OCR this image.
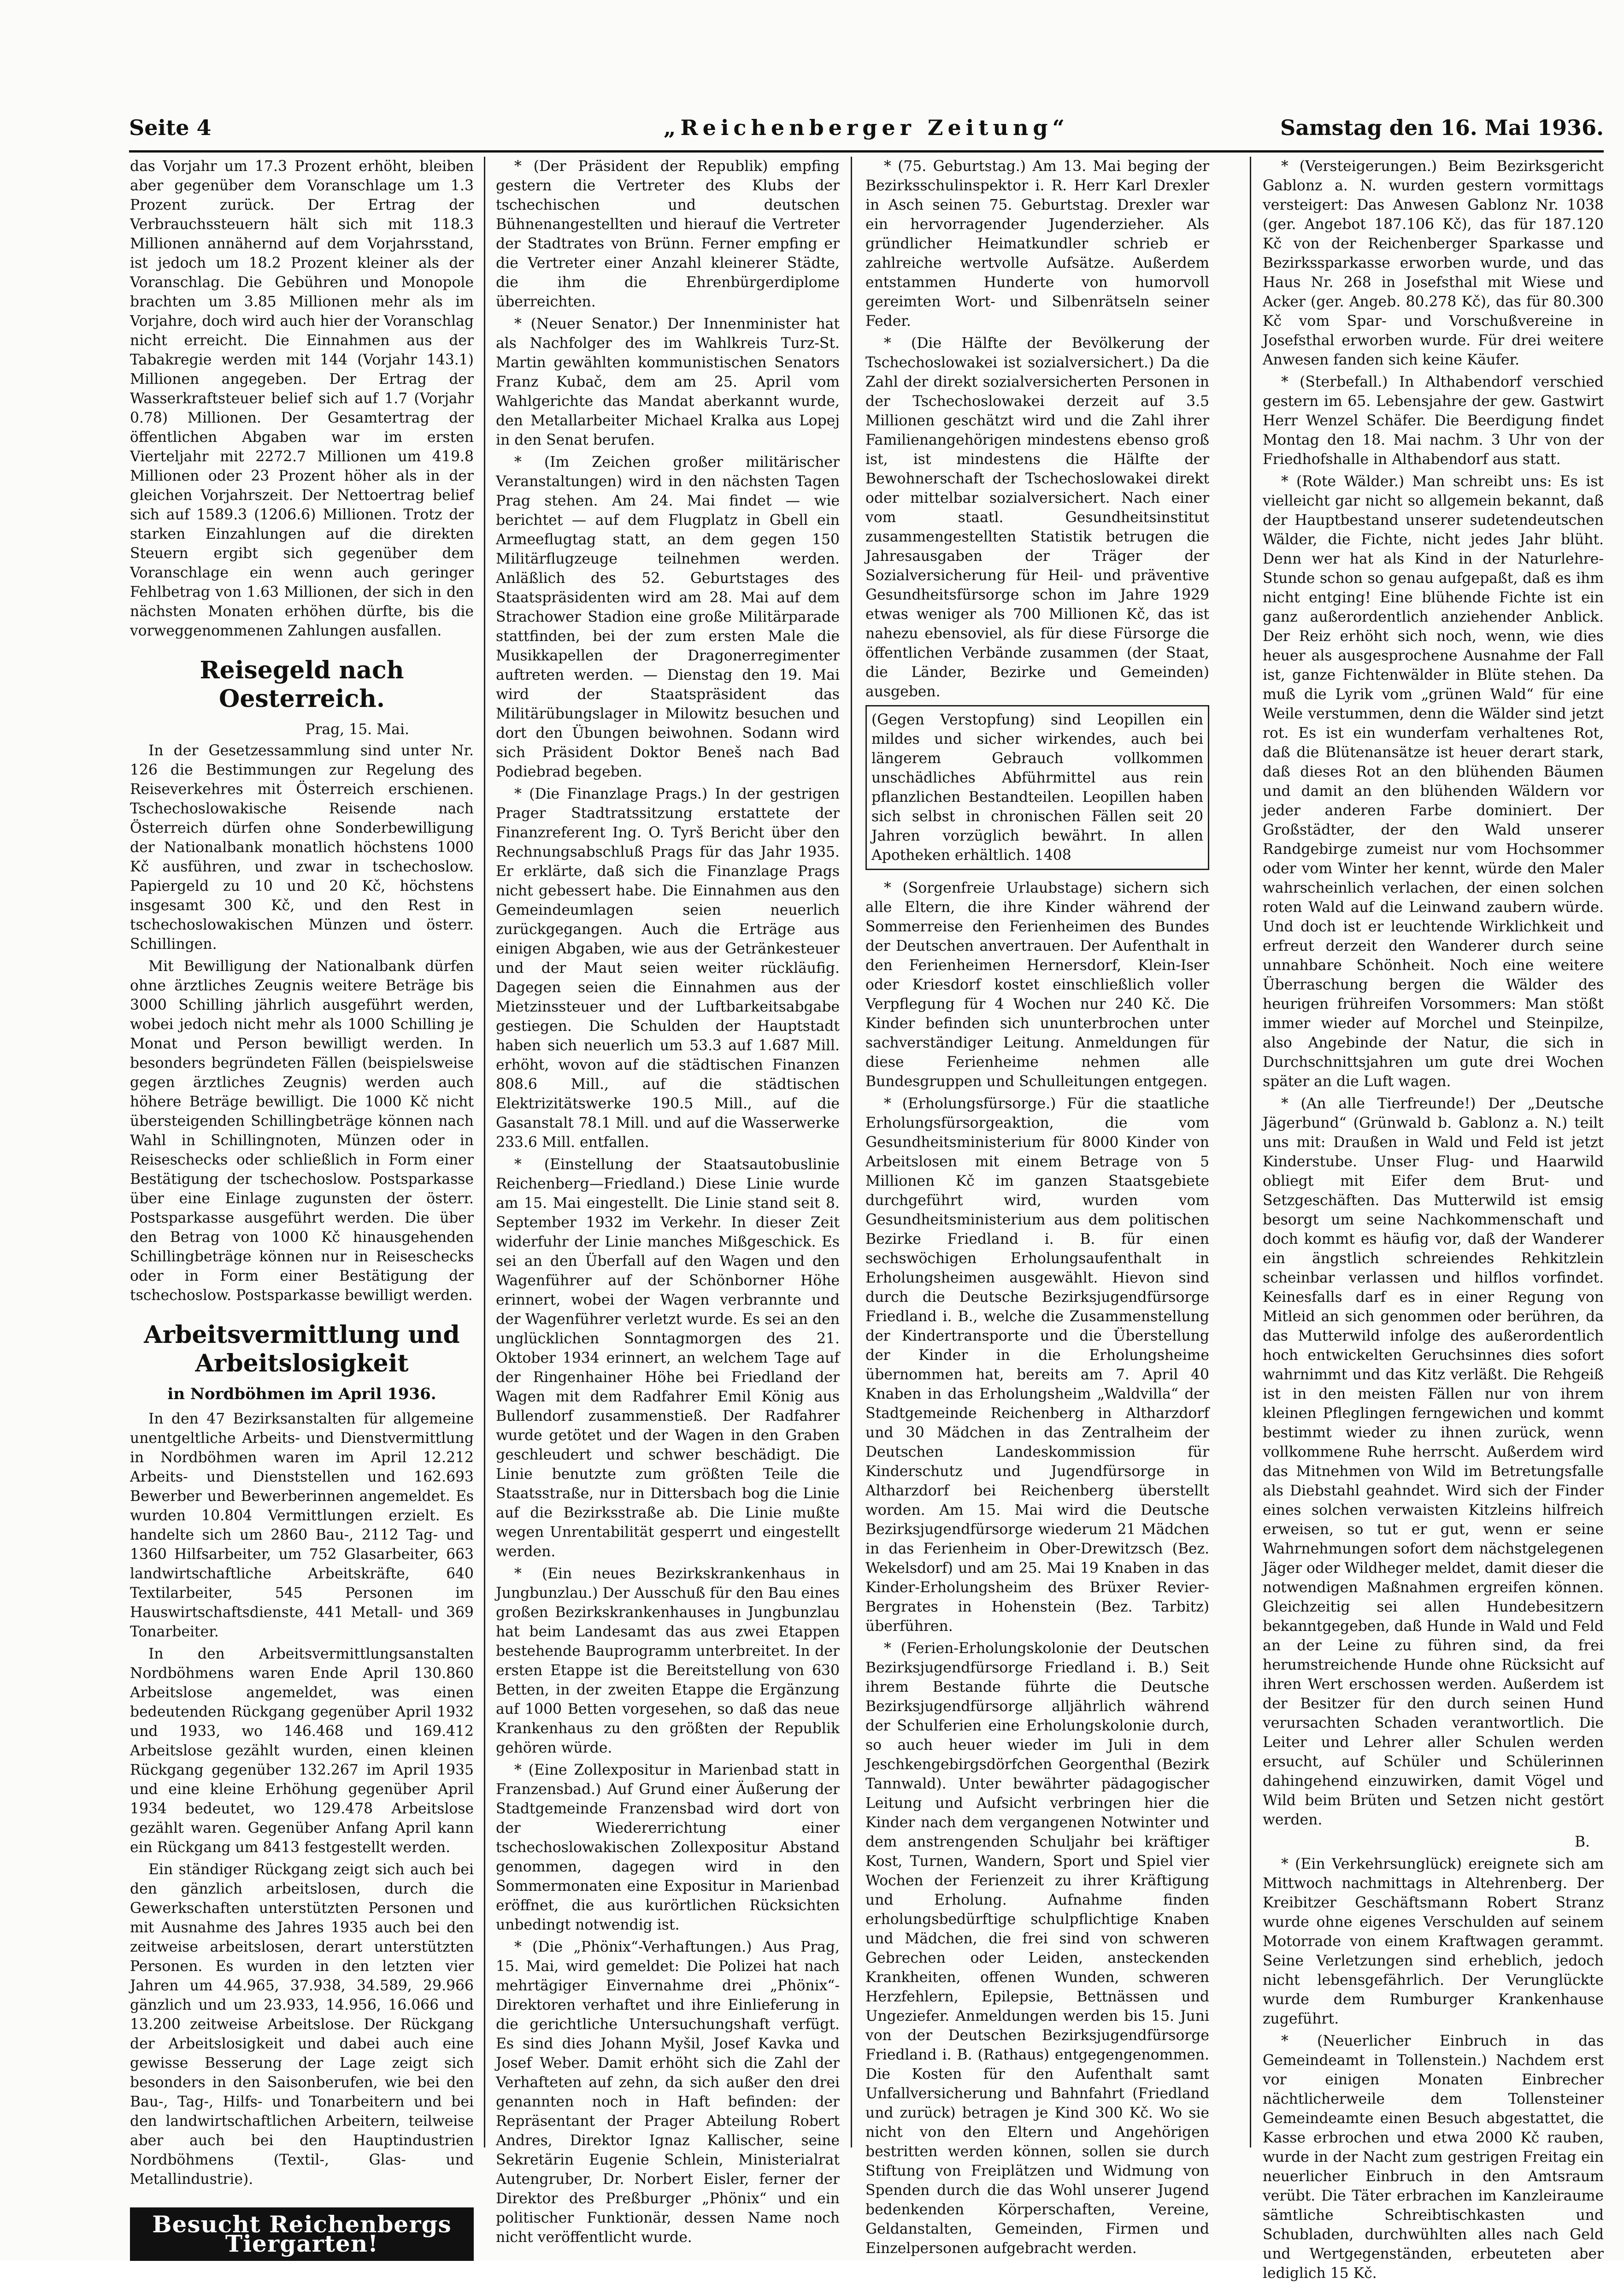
Seite 4	„Reichenberger Zeitung“	Samstag den 16. Mai 1936.

das Vorjahr um 17.3 Prozent erhöht, bleiben aber gegenüber dem Voranschlage um 1.3 Prozent zurück. Der Ertrag der Verbrauchssteuern hält sich mit 118.3 Millionen annähernd auf dem Vorjahrsstand, ist jedoch um 18.2 Prozent kleiner als der Voranschlag. Die Gebühren und Monopole brachten um 3.85 Millionen mehr als im Vorjahre, doch wird auch hier der Voranschlag nicht erreicht. Die Einnahmen aus der Tabakregie werden mit 144 (Vorjahr 143.1) Millionen angegeben. Der Ertrag der Wasserkraftsteuer belief sich auf 1.7 (Vorjahr 0.78) Millionen. Der Gesamtertrag der öffentlichen Abgaben war im ersten Vierteljahr mit 2272.7 Millionen um 419.8 Millionen oder 23 Prozent höher als in der gleichen Vorjahrszeit. Der Nettoertrag belief sich auf 1589.3 (1206.6) Millionen. Trotz der starken Einzahlungen auf die direkten Steuern ergibt sich gegenüber dem Voranschlage ein wenn auch geringer Fehlbetrag von 1.63 Millionen, der sich in den nächsten Monaten erhöhen dürfte, bis die vorweggenommenen Zahlungen ausfallen.

Reisegeld nach Oesterreich.

Prag, 15. Mai.

In der Gesetzessammlung sind unter Nr. 126 die Bestimmungen zur Regelung des Reiseverkehres mit Österreich erschienen. Tschechoslowakische Reisende nach Österreich dürfen ohne Sonderbewilligung der Nationalbank monatlich höchstens 1000 Kč ausführen, und zwar in tschechoslow. Papiergeld zu 10 und 20 Kč, höchstens insgesamt 300 Kč, und den Rest in tschechoslowakischen Münzen und österr. Schillingen.

Mit Bewilligung der Nationalbank dürfen ohne ärztliches Zeugnis weitere Beträge bis 3000 Schilling jährlich ausgeführt werden, wobei jedoch nicht mehr als 1000 Schilling je Monat und Person bewilligt werden. In besonders begründeten Fällen (beispielsweise gegen ärztliches Zeugnis) werden auch höhere Beträge bewilligt. Die 1000 Kč nicht übersteigenden Schillingbeträge können nach Wahl in Schillingnoten, Münzen oder in Reiseschecks oder schließlich in Form einer Bestätigung der tschechoslow. Postsparkasse über eine Einlage zugunsten der österr. Postsparkasse ausgeführt werden. Die über den Betrag von 1000 Kč hinausgehenden Schillingbeträge können nur in Reiseschecks oder in Form einer Bestätigung der tschechoslow. Postsparkasse bewilligt werden.

Arbeitsvermittlung und Arbeitslosigkeit
in Nordböhmen im April 1936.

In den 47 Bezirksanstalten für allgemeine unentgeltliche Arbeits- und Dienstvermittlung in Nordböhmen waren im April 12.212 Arbeits- und Dienststellen und 162.693 Bewerber und Bewerberinnen angemeldet. Es wurden 10.804 Vermittlungen erzielt. Es handelte sich um 2860 Bau-, 2112 Tag- und 1360 Hilfsarbeiter, um 752 Glasarbeiter, 663 landwirtschaftliche Arbeitskräfte, 640 Textilarbeiter, 545 Personen im Hauswirtschaftsdienste, 441 Metall- und 369 Tonarbeiter.

In den Arbeitsvermittlungsanstalten Nordböhmens waren Ende April 130.860 Arbeitslose angemeldet, was einen bedeutenden Rückgang gegenüber April 1932 und 1933, wo 146.468 und 169.412 Arbeitslose gezählt wurden, einen kleinen Rückgang gegenüber 132.267 im April 1935 und eine kleine Erhöhung gegenüber April 1934 bedeutet, wo 129.478 Arbeitslose gezählt waren. Gegenüber Anfang April kann ein Rückgang um 8413 festgestellt werden.

Ein ständiger Rückgang zeigt sich auch bei den gänzlich arbeitslosen, durch die Gewerkschaften unterstützten Personen und mit Ausnahme des Jahres 1935 auch bei den zeitweise arbeitslosen, derart unterstützten Personen. Es wurden in den letzten vier Jahren um 44.965, 37.938, 34.589, 29.966 gänzlich und um 23.933, 14.956, 16.066 und 13.200 zeitweise Arbeitslose. Der Rückgang der Arbeitslosigkeit und dabei auch eine gewisse Besserung der Lage zeigt sich besonders in den Saisonberufen, wie bei den Bau-, Tag-, Hilfs- und Tonarbeitern und bei den landwirtschaftlichen Arbeitern, teilweise aber auch bei den Hauptindustrien Nordböhmens (Textil-, Glas- und Metallindustrie).

Besucht Reichenbergs Tiergarten!

* (Der Präsident der Republik) empfing gestern die Vertreter des Klubs der tschechischen und deutschen Bühnenangestellten und hierauf die Vertreter der Stadtrates von Brünn. Ferner empfing er die Vertreter einer Anzahl kleinerer Städte, die ihm die Ehrenbürgerdiplome überreichten.

* (Neuer Senator.) Der Innenminister hat als Nachfolger des im Wahlkreis Turz-St. Martin gewählten kommunistischen Senators Franz Kubač, dem am 25. April vom Wahlgerichte das Mandat aberkannt wurde, den Metallarbeiter Michael Kralka aus Lopej in den Senat berufen.

* (Im Zeichen großer militärischer Veranstaltungen) wird in den nächsten Tagen Prag stehen. Am 24. Mai findet — wie berichtet — auf dem Flugplatz in Gbell ein Armeeflugtag statt, an dem gegen 150 Militärflugzeuge teilnehmen werden. Anläßlich des 52. Geburtstages des Staatspräsidenten wird am 28. Mai auf dem Strachower Stadion eine große Militärparade stattfinden, bei der zum ersten Male die Musikkapellen der Dragonerregimenter auftreten werden. — Dienstag den 19. Mai wird der Staatspräsident das Militärübungslager in Milowitz besuchen und dort den Übungen beiwohnen. Sodann wird sich Präsident Doktor Beneš nach Bad Podiebrad begeben.

* (Die Finanzlage Prags.) In der gestrigen Prager Stadtratssitzung erstattete der Finanzreferent Ing. O. Tyrš Bericht über den Rechnungsabschluß Prags für das Jahr 1935. Er erklärte, daß sich die Finanzlage Prags nicht gebessert habe. Die Einnahmen aus den Gemeindeumlagen seien neuerlich zurückgegangen. Auch die Erträge aus einigen Abgaben, wie aus der Getränkesteuer und der Maut seien weiter rückläufig. Dagegen seien die Einnahmen aus der Mietzinssteuer und der Luftbarkeitsabgabe gestiegen. Die Schulden der Hauptstadt haben sich neuerlich um 53.3 auf 1.687 Mill. erhöht, wovon auf die städtischen Finanzen 808.6 Mill., auf die städtischen Elektrizitätswerke 190.5 Mill., auf die Gasanstalt 78.1 Mill. und auf die Wasserwerke 233.6 Mill. entfallen.

* (Einstellung der Staatsautobuslinie Reichenberg—Friedland.) Diese Linie wurde am 15. Mai eingestellt. Die Linie stand seit 8. September 1932 im Verkehr. In dieser Zeit widerfuhr der Linie manches Mißgeschick. Es sei an den Überfall auf den Wagen und den Wagenführer auf der Schönborner Höhe erinnert, wobei der Wagen verbrannte und der Wagenführer verletzt wurde. Es sei an den unglücklichen Sonntagmorgen des 21. Oktober 1934 erinnert, an welchem Tage auf der Ringenhainer Höhe bei Friedland der Wagen mit dem Radfahrer Emil König aus Bullendorf zusammenstieß. Der Radfahrer wurde getötet und der Wagen in den Graben geschleudert und schwer beschädigt. Die Linie benutzte zum größten Teile die Staatsstraße, nur in Dittersbach bog die Linie auf die Bezirksstraße ab. Die Linie mußte wegen Unrentabilität gesperrt und eingestellt werden.

* (Ein neues Bezirkskrankenhaus in Jungbunzlau.) Der Ausschuß für den Bau eines großen Bezirkskrankenhauses in Jungbunzlau hat beim Landesamt das aus zwei Etappen bestehende Bauprogramm unterbreitet. In der ersten Etappe ist die Bereitstellung von 630 Betten, in der zweiten Etappe die Ergänzung auf 1000 Betten vorgesehen, so daß das neue Krankenhaus zu den größten der Republik gehören würde.

* (Eine Zollexpositur in Marienbad statt in Franzensbad.) Auf Grund einer Äußerung der Stadtgemeinde Franzensbad wird dort von der Wiedererrichtung einer tschechoslowakischen Zollexpositur Abstand genommen, dagegen wird in den Sommermonaten eine Expositur in Marienbad eröffnet, die aus kurörtlichen Rücksichten unbedingt notwendig ist.

* (Die „Phönix“-Verhaftungen.) Aus Prag, 15. Mai, wird gemeldet: Die Polizei hat nach mehrtägiger Einvernahme drei „Phönix“-Direktoren verhaftet und ihre Einlieferung in die gerichtliche Untersuchungshaft verfügt. Es sind dies Johann Myšil, Josef Kavka und Josef Weber. Damit erhöht sich die Zahl der Verhafteten auf zehn, da sich außer den drei genannten noch in Haft befinden: der Repräsentant der Prager Abteilung Robert Andres, Direktor Ignaz Kallischer, seine Sekretärin Eugenie Schlein, Ministerialrat Autengruber, Dr. Norbert Eisler, ferner der Direktor des Preßburger „Phönix“ und ein politischer Funktionär, dessen Name noch nicht veröffentlicht wurde.

* (75. Geburtstag.) Am 13. Mai beging der Bezirksschulinspektor i. R. Herr Karl Drexler in Asch seinen 75. Geburtstag. Drexler war ein hervorragender Jugenderzieher. Als gründlicher Heimatkundler schrieb er zahlreiche wertvolle Aufsätze. Außerdem entstammen Hunderte von humorvoll gereimten Wort- und Silbenrätseln seiner Feder.

* (Die Hälfte der Bevölkerung der Tschechoslowakei ist sozialversichert.) Da die Zahl der direkt sozialversicherten Personen in der Tschechoslowakei derzeit auf 3.5 Millionen geschätzt wird und die Zahl ihrer Familienangehörigen mindestens ebenso groß ist, ist mindestens die Hälfte der Bewohnerschaft der Tschechoslowakei direkt oder mittelbar sozialversichert. Nach einer vom staatl. Gesundheitsinstitut zusammengestellten Statistik betrugen die Jahresausgaben der Träger der Sozialversicherung für Heil- und präventive Gesundheitsfürsorge schon im Jahre 1929 etwas weniger als 700 Millionen Kč, das ist nahezu ebensoviel, als für diese Fürsorge die öffentlichen Verbände zusammen (der Staat, die Länder, Bezirke und Gemeinden) ausgeben.

(Gegen Verstopfung) sind Leopillen ein mildes und sicher wirkendes, auch bei längerem Gebrauch vollkommen unschädliches Abführmittel aus rein pflanzlichen Bestandteilen. Leopillen haben sich selbst in chronischen Fällen seit 20 Jahren vorzüglich bewährt. In allen Apotheken erhältlich. 1408

* (Sorgenfreie Urlaubstage) sichern sich alle Eltern, die ihre Kinder während der Sommerreise den Ferienheimen des Bundes der Deutschen anvertrauen. Der Aufenthalt in den Ferienheimen Hernersdorf, Klein-Iser oder Kriesdorf kostet einschließlich voller Verpflegung für 4 Wochen nur 240 Kč. Die Kinder befinden sich ununterbrochen unter sachverständiger Leitung. Anmeldungen für diese Ferienheime nehmen alle Bundesgruppen und Schulleitungen entgegen.

* (Erholungsfürsorge.) Für die staatliche Erholungsfürsorgeaktion, die vom Gesundheitsministerium für 8000 Kinder von Arbeitslosen mit einem Betrage von 5 Millionen Kč im ganzen Staatsgebiete durchgeführt wird, wurden vom Gesundheitsministerium aus dem politischen Bezirke Friedland i. B. für einen sechswöchigen Erholungsaufenthalt in Erholungsheimen ausgewählt. Hievon sind durch die Deutsche Bezirksjugendfürsorge Friedland i. B., welche die Zusammenstellung der Kindertransporte und die Überstellung der Kinder in die Erholungsheime übernommen hat, bereits am 7. April 40 Knaben in das Erholungsheim „Waldvilla“ der Stadtgemeinde Reichenberg in Altharzdorf und 30 Mädchen in das Zentralheim der Deutschen Landeskommission für Kinderschutz und Jugendfürsorge in Altharzdorf bei Reichenberg überstellt worden. Am 15. Mai wird die Deutsche Bezirksjugendfürsorge wiederum 21 Mädchen in das Ferienheim in Ober-Drewitzsch (Bez. Wekelsdorf) und am 25. Mai 19 Knaben in das Kinder-Erholungsheim des Brüxer Revier-Bergrates in Hohenstein (Bez. Tarbitz) überführen.

* (Ferien-Erholungskolonie der Deutschen Bezirksjugendfürsorge Friedland i. B.) Seit ihrem Bestande führte die Deutsche Bezirksjugendfürsorge alljährlich während der Schulferien eine Erholungskolonie durch, so auch heuer wieder im Juli in dem Jeschkengebirgsdörfchen Georgenthal (Bezirk Tannwald). Unter bewährter pädagogischer Leitung und Aufsicht verbringen hier die Kinder nach dem vergangenen Notwinter und dem anstrengenden Schuljahr bei kräftiger Kost, Turnen, Wandern, Sport und Spiel vier Wochen der Ferienzeit zu ihrer Kräftigung und Erholung. Aufnahme finden erholungsbedürftige schulpflichtige Knaben und Mädchen, die frei sind von schweren Gebrechen oder Leiden, ansteckenden Krankheiten, offenen Wunden, schweren Herzfehlern, Epilepsie, Bettnässen und Ungeziefer. Anmeldungen werden bis 15. Juni von der Deutschen Bezirksjugendfürsorge Friedland i. B. (Rathaus) entgegengenommen. Die Kosten für den Aufenthalt samt Unfallversicherung und Bahnfahrt (Friedland und zurück) betragen je Kind 300 Kč. Wo sie nicht von den Eltern und Angehörigen bestritten werden können, sollen sie durch Stiftung von Freiplätzen und Widmung von Spenden durch die das Wohl unserer Jugend bedenkenden Körperschaften, Vereine, Geldanstalten, Gemeinden, Firmen und Einzelpersonen aufgebracht werden.

* (Versteigerungen.) Beim Bezirksgericht Gablonz a. N. wurden gestern vormittags versteigert: Das Anwesen Gablonz Nr. 1038 (ger. Angebot 187.106 Kč), das für 187.120 Kč von der Reichenberger Sparkasse und Bezirkssparkasse erworben wurde, und das Haus Nr. 268 in Josefsthal mit Wiese und Acker (ger. Angeb. 80.278 Kč), das für 80.300 Kč vom Spar- und Vorschußvereine in Josefsthal erworben wurde. Für drei weitere Anwesen fanden sich keine Käufer.

* (Sterbefall.) In Althabendorf verschied gestern im 65. Lebensjahre der gew. Gastwirt Herr Wenzel Schäfer. Die Beerdigung findet Montag den 18. Mai nachm. 3 Uhr von der Friedhofshalle in Althabendorf aus statt.

* (Rote Wälder.) Man schreibt uns: Es ist vielleicht gar nicht so allgemein bekannt, daß der Hauptbestand unserer sudetendeutschen Wälder, die Fichte, nicht jedes Jahr blüht. Denn wer hat als Kind in der Naturlehre-Stunde schon so genau aufgepaßt, daß es ihm nicht entging! Eine blühende Fichte ist ein ganz außerordentlich anziehender Anblick. Der Reiz erhöht sich noch, wenn, wie dies heuer als ausgesprochene Ausnahme der Fall ist, ganze Fichtenwälder in Blüte stehen. Da muß die Lyrik vom „grünen Wald“ für eine Weile verstummen, denn die Wälder sind jetzt rot. Es ist ein wunderfam verhaltenes Rot, daß die Blütenansätze ist heuer derart stark, daß dieses Rot an den blühenden Bäumen und damit an den blühenden Wäldern vor jeder anderen Farbe dominiert. Der Großstädter, der den Wald unserer Randgebirge zumeist nur vom Hochsommer oder vom Winter her kennt, würde den Maler wahrscheinlich verlachen, der einen solchen roten Wald auf die Leinwand zaubern würde. Und doch ist er leuchtende Wirklichkeit und erfreut derzeit den Wanderer durch seine unnahbare Schönheit. Noch eine weitere Überraschung bergen die Wälder des heurigen frühreifen Vorsommers: Man stößt immer wieder auf Morchel und Steinpilze, also Angebinde der Natur, die sich in Durchschnittsjahren um gute drei Wochen später an die Luft wagen.

* (An alle Tierfreunde!) Der „Deutsche Jägerbund“ (Grünwald b. Gablonz a. N.) teilt uns mit: Draußen in Wald und Feld ist jetzt Kinderstube. Unser Flug- und Haarwild obliegt mit Eifer dem Brut- und Setzgeschäften. Das Mutterwild ist emsig besorgt um seine Nachkommenschaft und doch kommt es häufig vor, daß der Wanderer ein ängstlich schreiendes Rehkitzlein scheinbar verlassen und hilflos vorfindet. Keinesfalls darf es in einer Regung von Mitleid an sich genommen oder berühren, da das Mutterwild infolge des außerordentlich hoch entwickelten Geruchsinnes dies sofort wahrnimmt und das Kitz verläßt. Die Rehgeiß ist in den meisten Fällen nur von ihrem kleinen Pfleglingen ferngewichen und kommt bestimmt wieder zu ihnen zurück, wenn vollkommene Ruhe herrscht. Außerdem wird das Mitnehmen von Wild im Betretungsfalle als Diebstahl geahndet. Wird sich der Finder eines solchen verwaisten Kitzleins hilfreich erweisen, so tut er gut, wenn er seine Wahrnehmungen sofort dem nächstgelegenen Jäger oder Wildheger meldet, damit dieser die notwendigen Maßnahmen ergreifen können. Gleichzeitig sei allen Hundebesitzern bekanntgegeben, daß Hunde in Wald und Feld an der Leine zu führen sind, da frei herumstreichende Hunde ohne Rücksicht auf ihren Wert erschossen werden. Außerdem ist der Besitzer für den durch seinen Hund verursachten Schaden verantwortlich. Die Leiter und Lehrer aller Schulen werden ersucht, auf Schüler und Schülerinnen dahingehend einzuwirken, damit Vögel und Wild beim Brüten und Setzen nicht gestört werden.

B.

* (Ein Verkehrsunglück) ereignete sich am Mittwoch nachmittags in Altehrenberg. Der Kreibitzer Geschäftsmann Robert Stranz wurde ohne eigenes Verschulden auf seinem Motorrade von einem Kraftwagen gerammt. Seine Verletzungen sind erheblich, jedoch nicht lebensgefährlich. Der Verunglückte wurde dem Rumburger Krankenhause zugeführt.

* (Neuerlicher Einbruch in das Gemeindeamt in Tollenstein.) Nachdem erst vor einigen Monaten Einbrecher nächtlicherweile dem Tollensteiner Gemeindeamte einen Besuch abgestattet, die Kasse erbrochen und etwa 2000 Kč rauben, wurde in der Nacht zum gestrigen Freitag ein neuerlicher Einbruch in den Amtsraum verübt. Die Täter erbrachen im Kanzleiraume sämtliche Schreibtischkasten und Schubladen, durchwühlten alles nach Geld und Wertgegenständen, erbeuteten aber lediglich 15 Kč.
